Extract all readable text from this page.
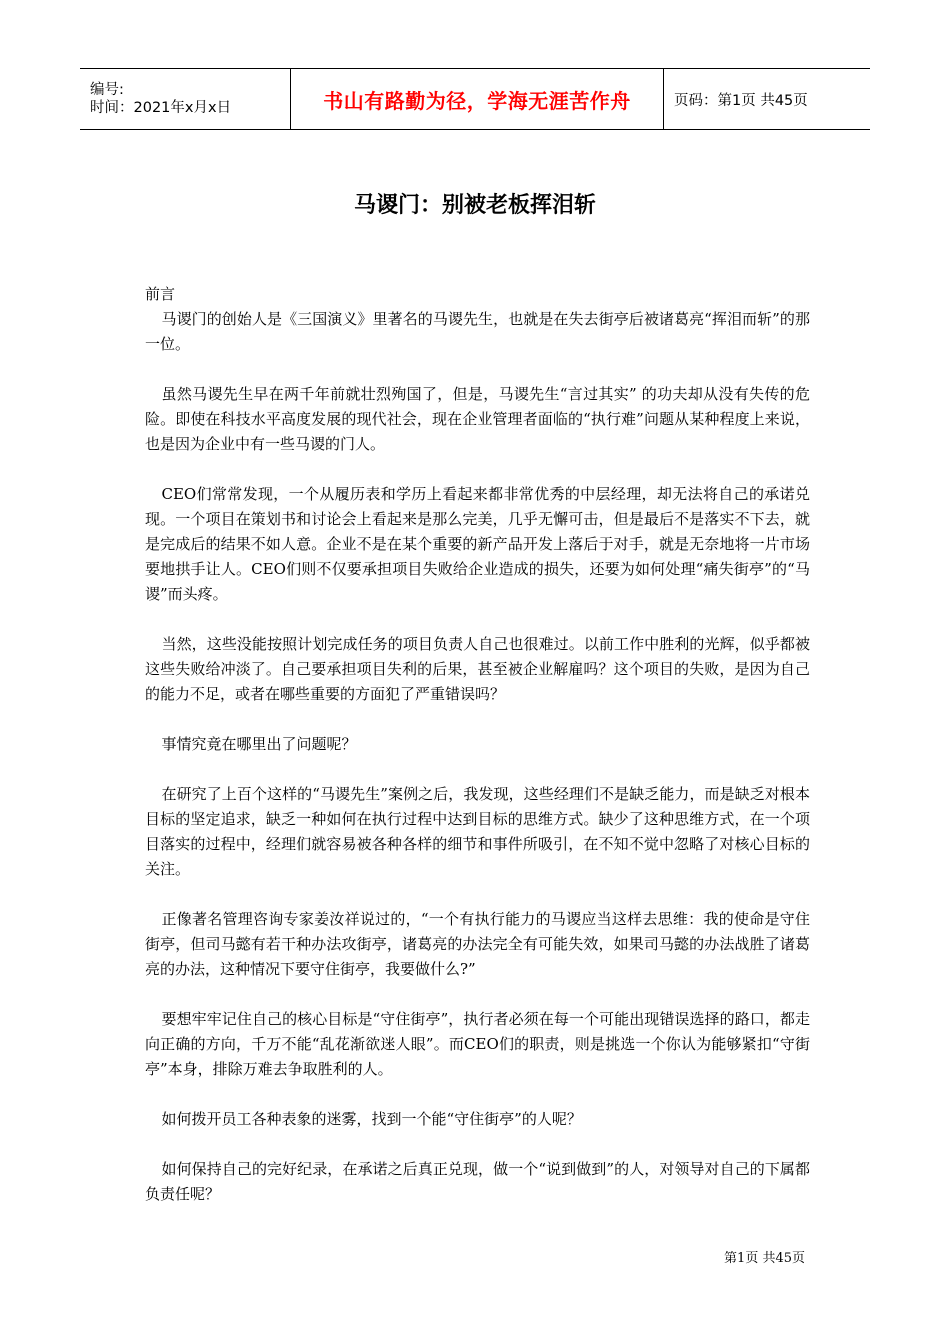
编号:
时间：2021年x月x日	书山有路勤为径，学海无涯苦作舟	页码：第1页 共45页
马谡门：别被老板挥泪斩

前言

马谡门的创始人是《三国演义》里著名的马谡先生，也就是在失去街亭后被诸葛亮“挥泪而斩”的那一位。

虽然马谡先生早在两千年前就壮烈殉国了，但是，马谡先生“言过其实” 的功夫却从没有失传的危险。即使在科技水平高度发展的现代社会，现在企业管理者面临的“执行难”问题从某种程度上来说，也是因为企业中有一些马谡的门人。

CEO们常常发现，一个从履历表和学历上看起来都非常优秀的中层经理，却无法将自己的承诺兑现。一个项目在策划书和讨论会上看起来是那么完美，几乎无懈可击，但是最后不是落实不下去，就是完成后的结果不如人意。企业不是在某个重要的新产品开发上落后于对手，就是无奈地将一片市场要地拱手让人。CEO们则不仅要承担项目失败给企业造成的损失，还要为如何处理“痛失街亭”的“马谡”而头疼。

当然，这些没能按照计划完成任务的项目负责人自己也很难过。以前工作中胜利的光辉，似乎都被这些失败给冲淡了。自己要承担项目失利的后果，甚至被企业解雇吗？这个项目的失败，是因为自己的能力不足，或者在哪些重要的方面犯了严重错误吗？

事情究竟在哪里出了问题呢？

在研究了上百个这样的“马谡先生”案例之后，我发现，这些经理们不是缺乏能力，而是缺乏对根本目标的坚定追求，缺乏一种如何在执行过程中达到目标的思维方式。缺少了这种思维方式，在一个项目落实的过程中，经理们就容易被各种各样的细节和事件所吸引，在不知不觉中忽略了对核心目标的关注。

正像著名管理咨询专家姜汝祥说过的，“一个有执行能力的马谡应当这样去思维：我的使命是守住街亭，但司马懿有若干种办法攻街亭，诸葛亮的办法完全有可能失效，如果司马懿的办法战胜了诸葛亮的办法，这种情况下要守住街亭，我要做什么?”

要想牢牢记住自己的核心目标是“守住街亭”，执行者必须在每一个可能出现错误选择的路口，都走向正确的方向，千万不能“乱花渐欲迷人眼”。而CEO们的职责，则是挑选一个你认为能够紧扣“守街亭”本身，排除万难去争取胜利的人。

如何拨开员工各种表象的迷雾，找到一个能“守住街亭”的人呢？

如何保持自己的完好纪录，在承诺之后真正兑现，做一个“说到做到”的人，对领导对自己的下属都负责任呢？

第1页 共45页
